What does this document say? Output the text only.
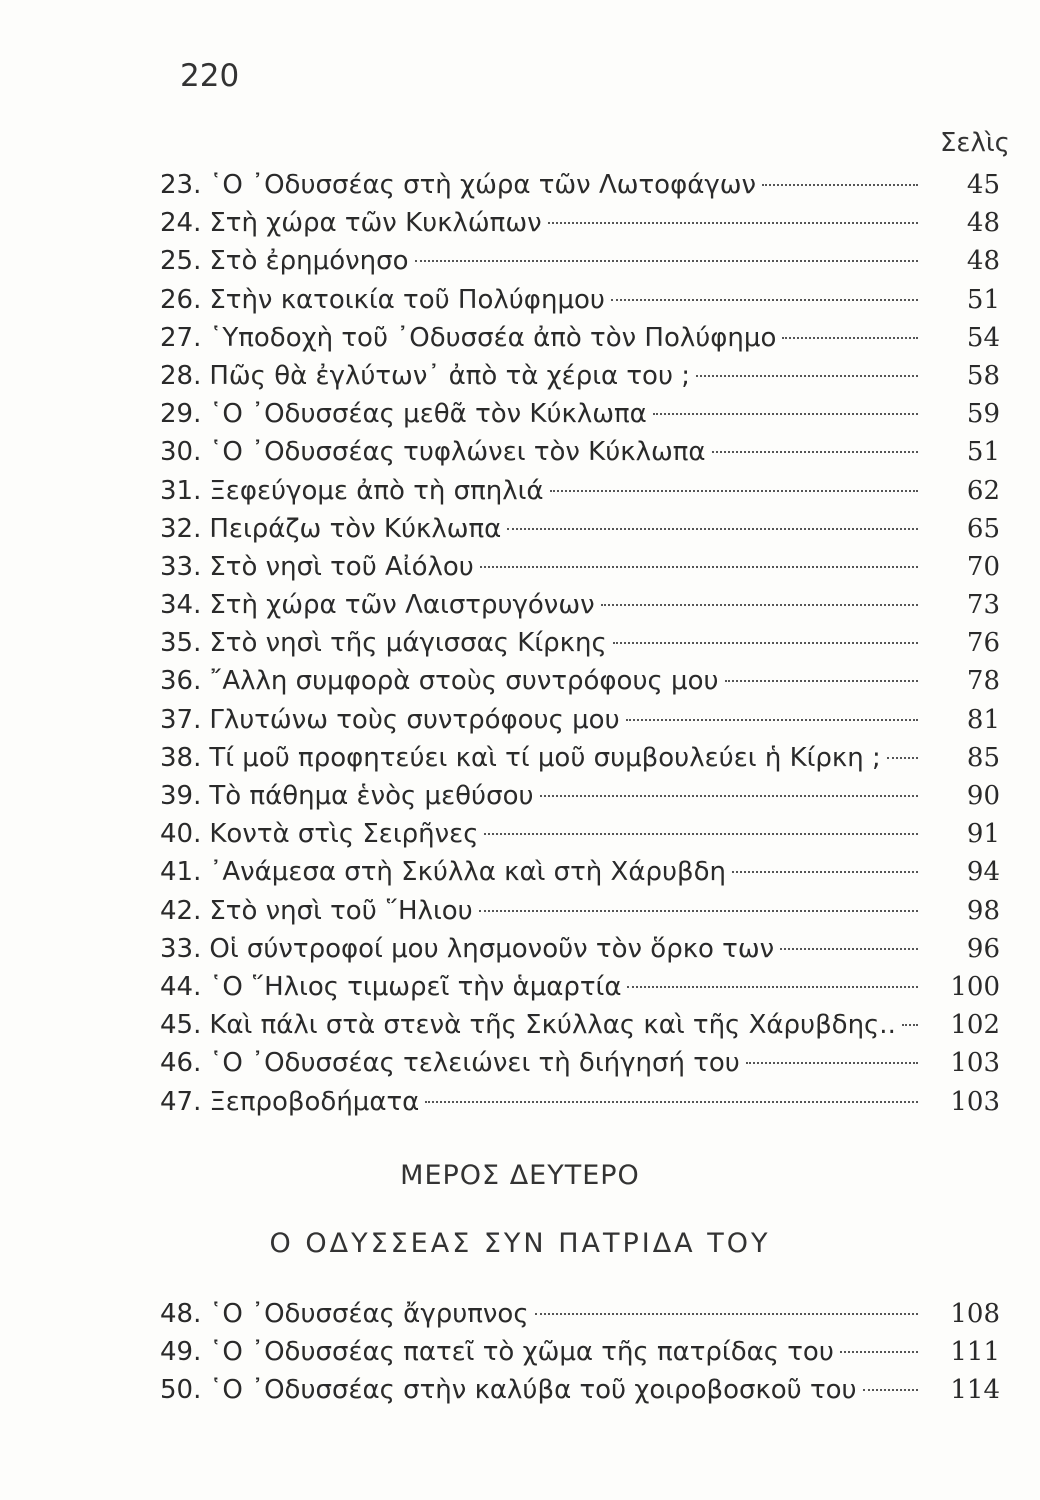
220
Σελὶς
23. ῾Ο ᾿Οδυσσέας στὴ χώρα τῶν Λωτοφάγων	45
24. Στὴ χώρα τῶν Κυκλώπων	48
25. Στὸ ἐρημόνησο	48
26. Στὴν κατοικία τοῦ Πολύφημου	51
27. ῾Υποδοχὴ τοῦ ᾿Οδυσσέα ἀπὸ τὸν Πολύφημο	54
28. Πῶς θὰ ἐγλύτων᾿ ἀπὸ τὰ χέρια του ;	58
29. ῾Ο ᾿Οδυσσέας μεθᾶ τὸν Κύκλωπα	59
30. ῾Ο ᾿Οδυσσέας τυφλώνει τὸν Κύκλωπα	51
31. Ξεφεύγομε ἀπὸ τὴ σπηλιά	62
32. Πειράζω τὸν Κύκλωπα	65
33. Στὸ νησὶ τοῦ Αἰόλου	70
34. Στὴ χώρα τῶν Λαιστρυγόνων	73
35. Στὸ νησὶ τῆς μάγισσας Κίρκης	76
36. ῎Αλλη συμφορὰ στοὺς συντρόφους μου	78
37. Γλυτώνω τοὺς συντρόφους μου	81
38. Τί μοῦ προφητεύει καὶ τί μοῦ συμβουλεύει ἡ Κίρκη ;	85
39. Τὸ πάθημα ἑνὸς μεθύσου	90
40. Κοντὰ στὶς Σειρῆνες	91
41. ᾿Ανάμεσα στὴ Σκύλλα καὶ στὴ Χάρυβδη	94
42. Στὸ νησὶ τοῦ ῞Ηλιου	98
33. Οἱ σύντροφοί μου λησμονοῦν τὸν ὅρκο των	96
44. ῾Ο ῞Ηλιος τιμωρεῖ τὴν ἁμαρτία	100
45. Καὶ πάλι στὰ στενὰ τῆς Σκύλλας καὶ τῆς Χάρυβδης..	102
46. ῾Ο ᾿Οδυσσέας τελειώνει τὴ διήγησή του	103
47. Ξεπροβοδήματα	103
ΜΕΡΟΣ ΔΕΥΤΕΡΟ
Ο ΟΔΥΣΣΕΑΣ ΣΥΝ ΠΑΤΡΙΔΑ ΤΟΥ
48. ῾Ο ᾿Οδυσσέας ἄγρυπνος	108
49. ῾Ο ᾿Οδυσσέας πατεῖ τὸ χῶμα τῆς πατρίδας του	111
50. ῾Ο ᾿Οδυσσέας στὴν καλύβα τοῦ χοιροβοσκοῦ του	114
